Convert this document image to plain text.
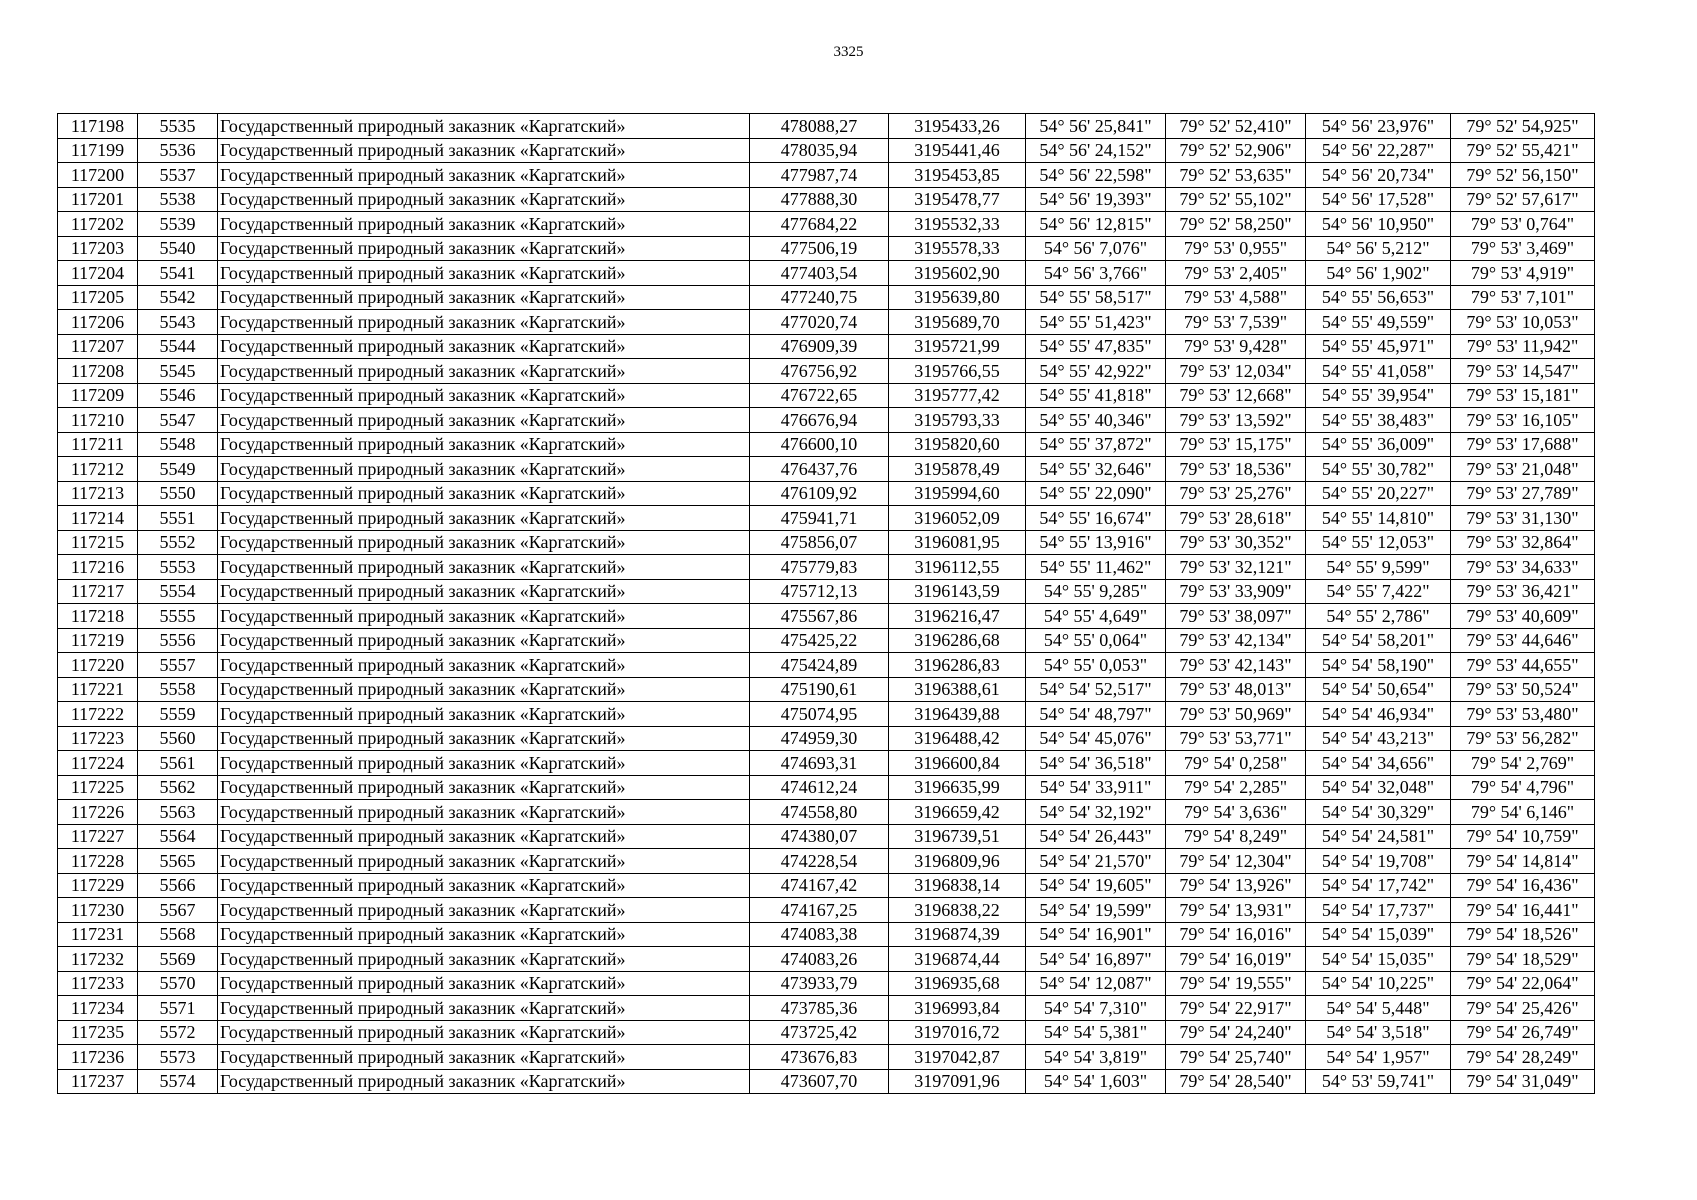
3325
117198	5535	Государственный природный заказник «Каргатский»	478088,27	3195433,26	54° 56' 25,841"	79° 52' 52,410"	54° 56' 23,976"	79° 52' 54,925"
117199	5536	Государственный природный заказник «Каргатский»	478035,94	3195441,46	54° 56' 24,152"	79° 52' 52,906"	54° 56' 22,287"	79° 52' 55,421"
117200	5537	Государственный природный заказник «Каргатский»	477987,74	3195453,85	54° 56' 22,598"	79° 52' 53,635"	54° 56' 20,734"	79° 52' 56,150"
117201	5538	Государственный природный заказник «Каргатский»	477888,30	3195478,77	54° 56' 19,393"	79° 52' 55,102"	54° 56' 17,528"	79° 52' 57,617"
117202	5539	Государственный природный заказник «Каргатский»	477684,22	3195532,33	54° 56' 12,815"	79° 52' 58,250"	54° 56' 10,950"	79° 53' 0,764"
117203	5540	Государственный природный заказник «Каргатский»	477506,19	3195578,33	54° 56' 7,076"	79° 53' 0,955"	54° 56' 5,212"	79° 53' 3,469"
117204	5541	Государственный природный заказник «Каргатский»	477403,54	3195602,90	54° 56' 3,766"	79° 53' 2,405"	54° 56' 1,902"	79° 53' 4,919"
117205	5542	Государственный природный заказник «Каргатский»	477240,75	3195639,80	54° 55' 58,517"	79° 53' 4,588"	54° 55' 56,653"	79° 53' 7,101"
117206	5543	Государственный природный заказник «Каргатский»	477020,74	3195689,70	54° 55' 51,423"	79° 53' 7,539"	54° 55' 49,559"	79° 53' 10,053"
117207	5544	Государственный природный заказник «Каргатский»	476909,39	3195721,99	54° 55' 47,835"	79° 53' 9,428"	54° 55' 45,971"	79° 53' 11,942"
117208	5545	Государственный природный заказник «Каргатский»	476756,92	3195766,55	54° 55' 42,922"	79° 53' 12,034"	54° 55' 41,058"	79° 53' 14,547"
117209	5546	Государственный природный заказник «Каргатский»	476722,65	3195777,42	54° 55' 41,818"	79° 53' 12,668"	54° 55' 39,954"	79° 53' 15,181"
117210	5547	Государственный природный заказник «Каргатский»	476676,94	3195793,33	54° 55' 40,346"	79° 53' 13,592"	54° 55' 38,483"	79° 53' 16,105"
117211	5548	Государственный природный заказник «Каргатский»	476600,10	3195820,60	54° 55' 37,872"	79° 53' 15,175"	54° 55' 36,009"	79° 53' 17,688"
117212	5549	Государственный природный заказник «Каргатский»	476437,76	3195878,49	54° 55' 32,646"	79° 53' 18,536"	54° 55' 30,782"	79° 53' 21,048"
117213	5550	Государственный природный заказник «Каргатский»	476109,92	3195994,60	54° 55' 22,090"	79° 53' 25,276"	54° 55' 20,227"	79° 53' 27,789"
117214	5551	Государственный природный заказник «Каргатский»	475941,71	3196052,09	54° 55' 16,674"	79° 53' 28,618"	54° 55' 14,810"	79° 53' 31,130"
117215	5552	Государственный природный заказник «Каргатский»	475856,07	3196081,95	54° 55' 13,916"	79° 53' 30,352"	54° 55' 12,053"	79° 53' 32,864"
117216	5553	Государственный природный заказник «Каргатский»	475779,83	3196112,55	54° 55' 11,462"	79° 53' 32,121"	54° 55' 9,599"	79° 53' 34,633"
117217	5554	Государственный природный заказник «Каргатский»	475712,13	3196143,59	54° 55' 9,285"	79° 53' 33,909"	54° 55' 7,422"	79° 53' 36,421"
117218	5555	Государственный природный заказник «Каргатский»	475567,86	3196216,47	54° 55' 4,649"	79° 53' 38,097"	54° 55' 2,786"	79° 53' 40,609"
117219	5556	Государственный природный заказник «Каргатский»	475425,22	3196286,68	54° 55' 0,064"	79° 53' 42,134"	54° 54' 58,201"	79° 53' 44,646"
117220	5557	Государственный природный заказник «Каргатский»	475424,89	3196286,83	54° 55' 0,053"	79° 53' 42,143"	54° 54' 58,190"	79° 53' 44,655"
117221	5558	Государственный природный заказник «Каргатский»	475190,61	3196388,61	54° 54' 52,517"	79° 53' 48,013"	54° 54' 50,654"	79° 53' 50,524"
117222	5559	Государственный природный заказник «Каргатский»	475074,95	3196439,88	54° 54' 48,797"	79° 53' 50,969"	54° 54' 46,934"	79° 53' 53,480"
117223	5560	Государственный природный заказник «Каргатский»	474959,30	3196488,42	54° 54' 45,076"	79° 53' 53,771"	54° 54' 43,213"	79° 53' 56,282"
117224	5561	Государственный природный заказник «Каргатский»	474693,31	3196600,84	54° 54' 36,518"	79° 54' 0,258"	54° 54' 34,656"	79° 54' 2,769"
117225	5562	Государственный природный заказник «Каргатский»	474612,24	3196635,99	54° 54' 33,911"	79° 54' 2,285"	54° 54' 32,048"	79° 54' 4,796"
117226	5563	Государственный природный заказник «Каргатский»	474558,80	3196659,42	54° 54' 32,192"	79° 54' 3,636"	54° 54' 30,329"	79° 54' 6,146"
117227	5564	Государственный природный заказник «Каргатский»	474380,07	3196739,51	54° 54' 26,443"	79° 54' 8,249"	54° 54' 24,581"	79° 54' 10,759"
117228	5565	Государственный природный заказник «Каргатский»	474228,54	3196809,96	54° 54' 21,570"	79° 54' 12,304"	54° 54' 19,708"	79° 54' 14,814"
117229	5566	Государственный природный заказник «Каргатский»	474167,42	3196838,14	54° 54' 19,605"	79° 54' 13,926"	54° 54' 17,742"	79° 54' 16,436"
117230	5567	Государственный природный заказник «Каргатский»	474167,25	3196838,22	54° 54' 19,599"	79° 54' 13,931"	54° 54' 17,737"	79° 54' 16,441"
117231	5568	Государственный природный заказник «Каргатский»	474083,38	3196874,39	54° 54' 16,901"	79° 54' 16,016"	54° 54' 15,039"	79° 54' 18,526"
117232	5569	Государственный природный заказник «Каргатский»	474083,26	3196874,44	54° 54' 16,897"	79° 54' 16,019"	54° 54' 15,035"	79° 54' 18,529"
117233	5570	Государственный природный заказник «Каргатский»	473933,79	3196935,68	54° 54' 12,087"	79° 54' 19,555"	54° 54' 10,225"	79° 54' 22,064"
117234	5571	Государственный природный заказник «Каргатский»	473785,36	3196993,84	54° 54' 7,310"	79° 54' 22,917"	54° 54' 5,448"	79° 54' 25,426"
117235	5572	Государственный природный заказник «Каргатский»	473725,42	3197016,72	54° 54' 5,381"	79° 54' 24,240"	54° 54' 3,518"	79° 54' 26,749"
117236	5573	Государственный природный заказник «Каргатский»	473676,83	3197042,87	54° 54' 3,819"	79° 54' 25,740"	54° 54' 1,957"	79° 54' 28,249"
117237	5574	Государственный природный заказник «Каргатский»	473607,70	3197091,96	54° 54' 1,603"	79° 54' 28,540"	54° 53' 59,741"	79° 54' 31,049"
